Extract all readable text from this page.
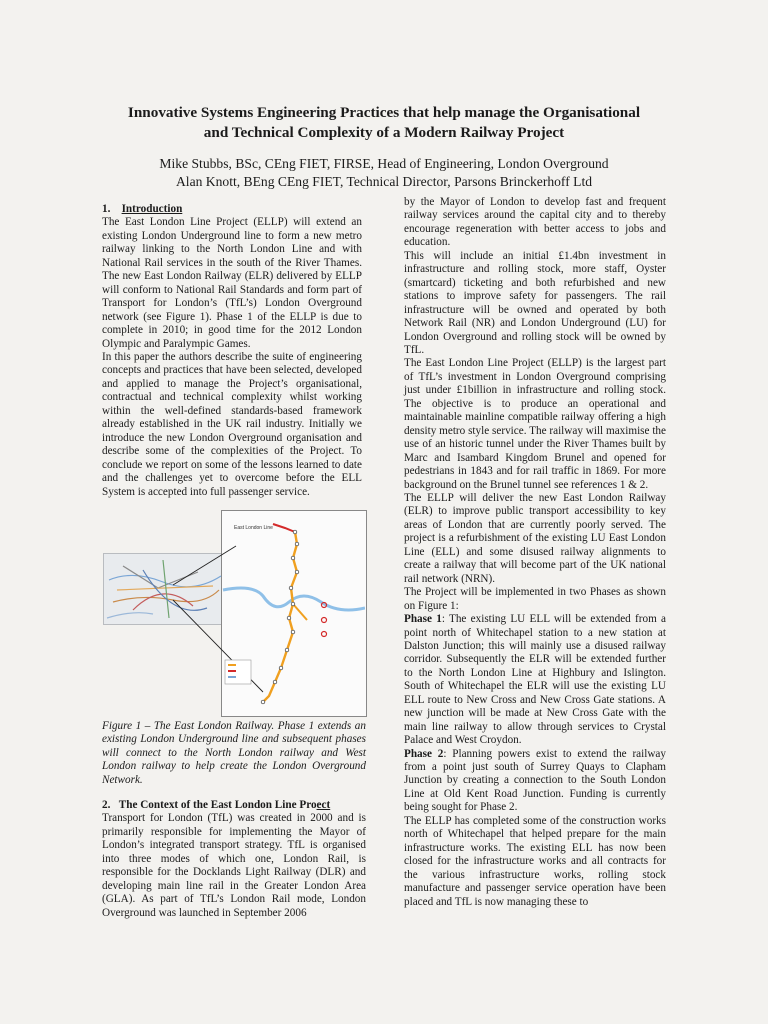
Innovative Systems Engineering Practices that help manage the Organisational
and Technical Complexity of a Modern Railway Project
Mike Stubbs, BSc, CEng FIET, FIRSE, Head of Engineering, London Overground
Alan Knott, BEng CEng FIET, Technical Director, Parsons Brinckerhoff Ltd

1. Introduction

The East London Line Project (ELLP) will extend an existing London Underground line to form a new metro railway linking to the North London Line and with National Rail services in the south of the River Thames. The new East London Railway (ELR) delivered by ELLP will conform to National Rail Standards and form part of Transport for London’s (TfL’s) London Overground network (see Figure 1). Phase 1 of the ELLP is due to complete in 2010; in good time for the 2012 London Olympic and Paralympic Games.

In this paper the authors describe the suite of engineering concepts and practices that have been selected, developed and applied to manage the Project’s organisational, contractual and technical complexity whilst working within the well-defined standards-based framework already established in the UK rail industry. Initially we introduce the new London Overground organisation and describe some of the complexities of the Project. To conclude we report on some of the lessons learned to date and the challenges yet to overcome before the ELL System is accepted into full passenger service.

East London Line

Figure 1 – The East London Railway. Phase 1 extends an existing London Underground line and subsequent phases will connect to the North London railway and West London railway to help create the London Overground Network.

2. The Context of the East London Line Proect

Transport for London (TfL) was created in 2000 and is primarily responsible for implementing the Mayor of London’s integrated transport strategy. TfL is organised into three modes of which one, London Rail, is responsible for the Docklands Light Railway (DLR) and developing main line rail in the Greater London Area (GLA). As part of TfL’s London Rail mode, London Overground was launched in September 2006

by the Mayor of London to develop fast and frequent railway services around the capital city and to thereby encourage regeneration with better access to jobs and education.

This will include an initial £1.4bn investment in infrastructure and rolling stock, more staff, Oyster (smartcard) ticketing and both refurbished and new stations to improve safety for passengers. The rail infrastructure will be owned and operated by both Network Rail (NR) and London Underground (LU) for London Overground and rolling stock will be owned by TfL.

The East London Line Project (ELLP) is the largest part of TfL’s investment in London Overground comprising just under £1billion in infrastructure and rolling stock. The objective is to produce an operational and maintainable mainline compatible railway offering a high density metro style service. The railway will maximise the use of an historic tunnel under the River Thames built by Marc and Isambard Kingdom Brunel and opened for pedestrians in 1843 and for rail traffic in 1869. For more background on the Brunel tunnel see references 1 & 2.

The ELLP will deliver the new East London Railway (ELR) to improve public transport accessibility to key areas of London that are currently poorly served. The project is a refurbishment of the existing LU East London Line (ELL) and some disused railway alignments to create a railway that will become part of the UK national rail network (NRN).

The Project will be implemented in two Phases as shown on Figure 1:

Phase 1: The existing LU ELL will be extended from a point north of Whitechapel station to a new station at Dalston Junction; this will mainly use a disused railway corridor. Subsequently the ELR will be extended further to the North London Line at Highbury and Islington. South of Whitechapel the ELR will use the existing LU ELL route to New Cross and New Cross Gate stations. A new junction will be made at New Cross Gate with the main line railway to allow through services to Crystal Palace and West Croydon.

Phase 2: Planning powers exist to extend the railway from a point just south of Surrey Quays to Clapham Junction by creating a connection to the South London Line at Old Kent Road Junction. Funding is currently being sought for Phase 2.

The ELLP has completed some of the construction works north of Whitechapel that helped prepare for the main infrastructure works. The existing ELL has now been closed for the infrastructure works and all contracts for the various infrastructure works, rolling stock manufacture and passenger service operation have been placed and TfL is now managing these to
